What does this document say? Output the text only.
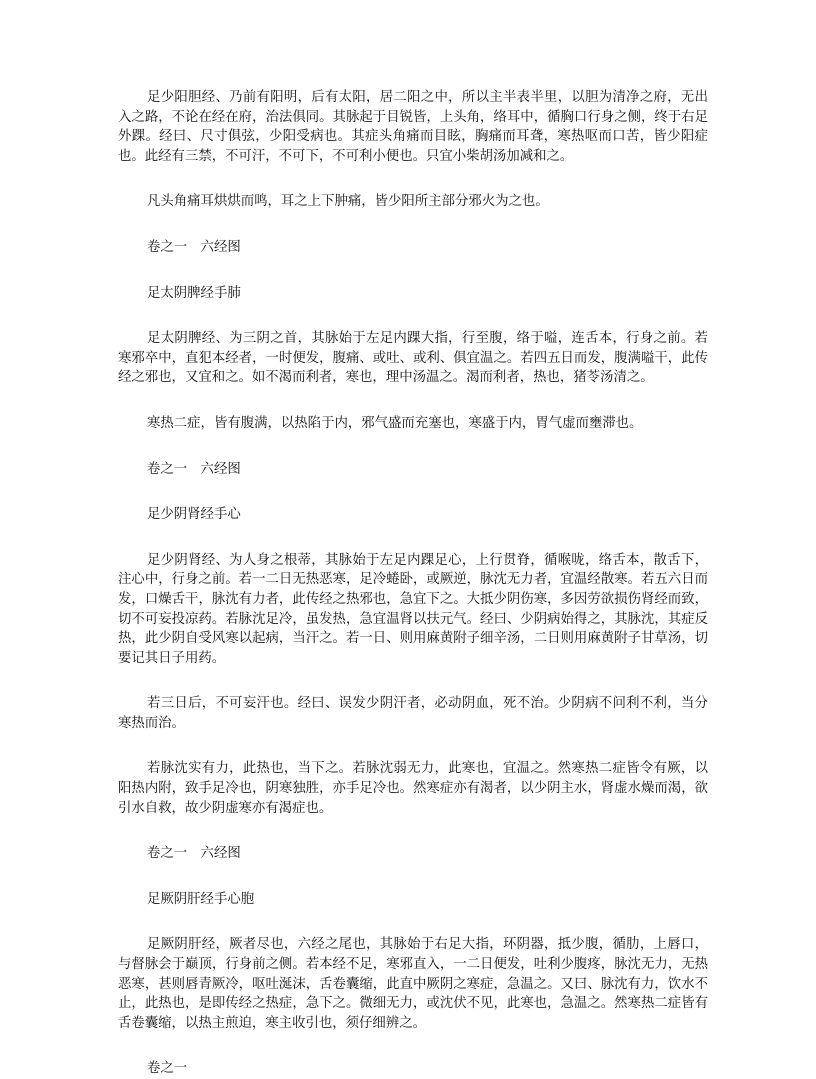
足少阳胆经、乃前有阳明，后有太阳，居二阳之中，所以主半表半里，以胆为清净之府，无出入之路，不论在经在府，治法俱同。其脉起于目锐皆，上头角，络耳中，循胸口行身之侧，终于右足外踝。经曰、尺寸俱弦，少阳受病也。其症头角痛而目眩，胸痛而耳聋，寒热呕而口苦，皆少阳症也。此经有三禁，不可汗，不可下，不可利小便也。只宜小柴胡汤加减和之。

凡头角痛耳烘烘而鸣，耳之上下肿痛，皆少阳所主部分邪火为之也。

卷之一　六经图

足太阴脾经手肺

足太阴脾经、为三阴之首，其脉始于左足内踝大指，行至腹，络于嗌，连舌本，行身之前。若寒邪卒中，直犯本经者，一时便发，腹痛、或吐、或利、俱宜温之。若四五日而发，腹满嗌干，此传经之邪也，又宜和之。如不渴而利者，寒也，理中汤温之。渴而利者，热也，猪苓汤清之。

寒热二症，皆有腹满，以热陷于内，邪气盛而充塞也，寒盛于内，胃气虚而壅滞也。

卷之一　六经图

足少阴肾经手心

足少阴肾经、为人身之根蒂，其脉始于左足内踝足心，上行贯脊，循喉咙，络舌本，散舌下，注心中，行身之前。若一二日无热恶寒，足冷蜷卧，或厥逆，脉沈无力者，宜温经散寒。若五六日而发，口燥舌干，脉沈有力者，此传经之热邪也，急宜下之。大抵少阴伤寒，多因劳欲损伤肾经而致，切不可妄投凉药。若脉沈足冷，虽发热，急宜温肾以扶元气。经曰、少阴病始得之，其脉沈，其症反热，此少阴自受风寒以起病，当汗之。若一日、则用麻黄附子细辛汤，二日则用麻黄附子甘草汤，切要记其日子用药。

若三日后，不可妄汗也。经曰、误发少阴汗者，必动阴血，死不治。少阴病不问利不利，当分寒热而治。

若脉沈实有力，此热也，当下之。若脉沈弱无力，此寒也，宜温之。然寒热二症皆令有厥，以阳热内附，致手足冷也，阴寒独胜，亦手足冷也。然寒症亦有渴者，以少阴主水，肾虚水燥而渴，欲引水自救，故少阴虚寒亦有渴症也。

卷之一　六经图

足厥阴肝经手心胞

足厥阴肝经，厥者尽也，六经之尾也，其脉始于右足大指，环阴器，抵少腹，循肋，上唇口，与督脉会于巅顶，行身前之侧。若本经不足，寒邪直入，一二日便发，吐利少腹疼，脉沈无力，无热恶寒，甚则唇青厥冷，呕吐涎沫，舌卷囊缩，此直中厥阴之寒症，急温之。又曰、脉沈有力，饮水不止，此热也，是即传经之热症，急下之。微细无力，或沈伏不见，此寒也，急温之。然寒热二症皆有舌卷囊缩，以热主煎迫，寒主收引也，须仔细辨之。

卷之一
